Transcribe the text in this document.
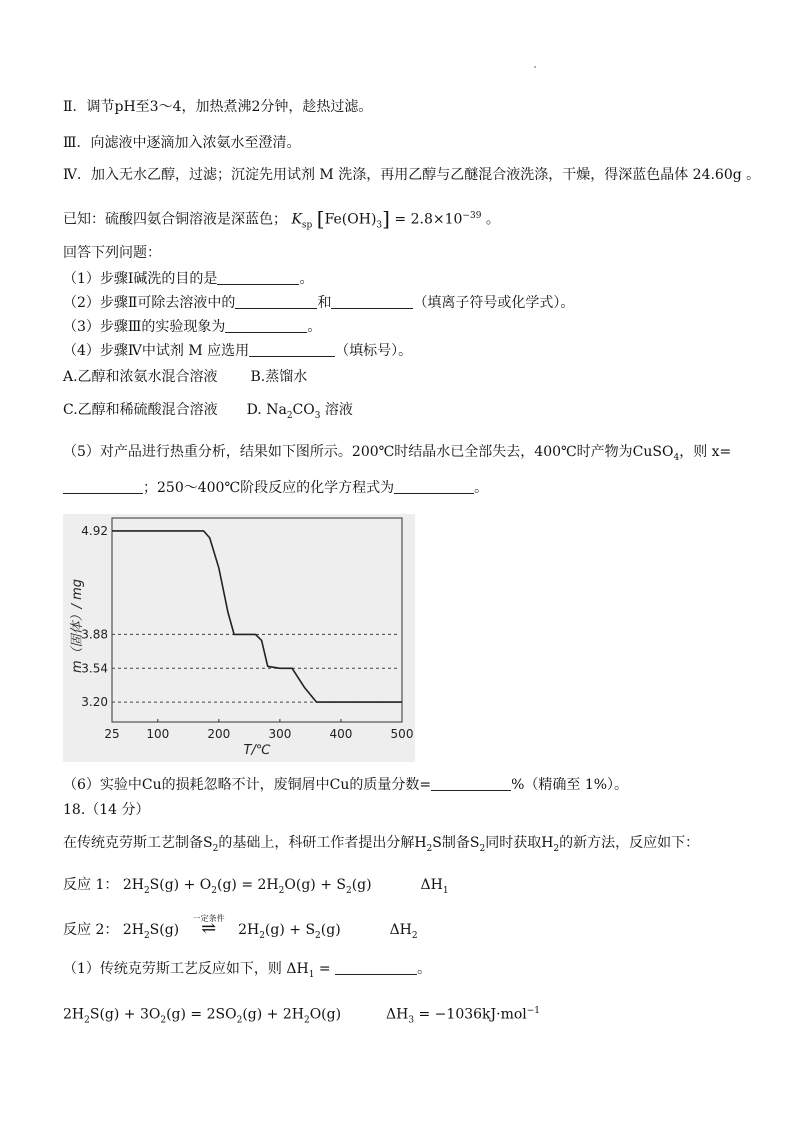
Ⅱ．调节pH至3～4，加热煮沸2分钟，趁热过滤。
Ⅲ．向滤液中逐滴加入浓氨水至澄清。
Ⅳ．加入无水乙醇，过滤；沉淀先用试剂 M 洗涤，再用乙醇与乙醚混合液洗涤，干燥，得深蓝色晶体 24.60g 。
已知：硫酸四氨合铜溶液是深蓝色； $K_{sp}$ $[Fe(OH)_3] = 2.8\times 10^{-39}$ 。
回答下列问题：
（1）步骤Ⅰ碱洗的目的是	。
（2）步骤Ⅱ可除去溶液中的	和	（填离子符号或化学式）。
（3）步骤Ⅲ的实验现象为	。
（4）步骤Ⅳ中试剂 M 应选用	（填标号）。
A.乙醇和浓氨水混合溶液 B.蒸馏水
C.乙醇和稀硫酸混合溶液 D. $Na_2CO_3$ 溶液
（5）对产品进行热重分析，结果如下图所示。200℃时结晶水已全部失去，400℃时产物为CuSO$_4$，则 x=
；250～400℃阶段反应的化学方程式为	。
m（固体）/ mg
T/℃
4.92
3.88
3.54
3.20
25 100	200	300	400	500
（6）实验中Cu的损耗忽略不计，废铜屑中Cu的质量分数=	%（精确至 1%）。
18.（14 分）
在传统克劳斯工艺制备$S_2$的基础上，科研工作者提出分解$H_2S$制备$S_2$同时获取$H_2$的新方法，反应如下：
反应 1： $2H_2S(g) + O_2(g) = 2H_2O(g) + S_2(g)$	$\Delta H_1$
反应 2： $2H_2S(g)$
一定条件
⇌ $2H_2(g) + S_2(g)$	$\Delta H_2$
（1）传统克劳斯工艺反应如下，则 $\Delta H_1$ =	。
$2H_2S(g) + 3O_2(g) = 2SO_2(g) + 2H_2O(g)$	$\Delta H_3 = -1036kJ\cdot mol^{-1}$
